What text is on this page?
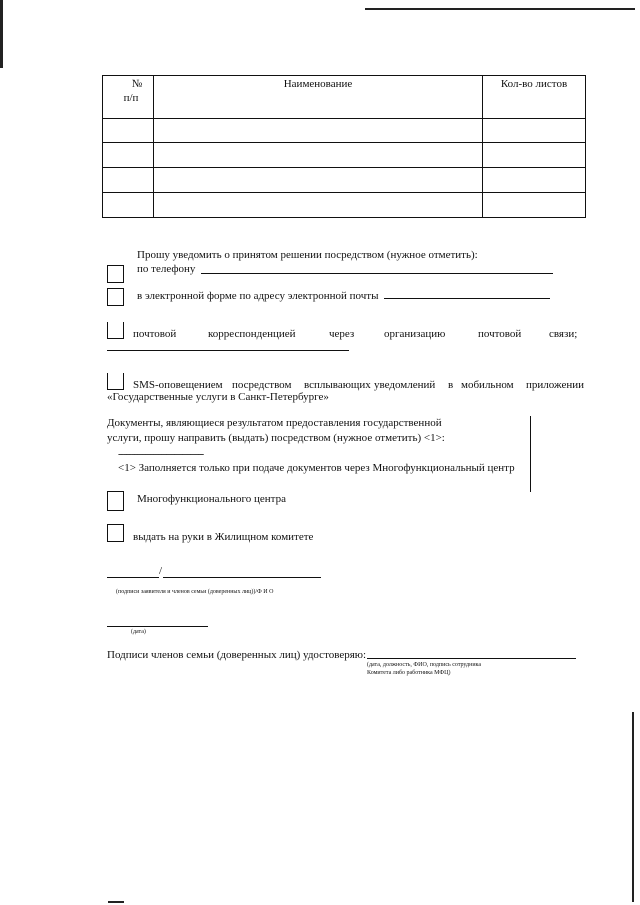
№
п/п	Наименование	Кол-во листов

Прошу уведомить о принятом решении посредством (нужное отметить):
по телефону
в электронной форме по адресу электронной почты
почтовой	корреспонденцией	через	организацию	почтовой	связи;
SMS-оповещением посредством всплывающих уведомлений в мобильном приложении
«Государственные услуги в Санкт-Петербурге»
Документы, являющиеся результатом предоставления государственной
услуги, прошу направить (выдать) посредством (нужное отметить) <1>:
--------------------------------
<1> Заполняется только при подаче документов через Многофункциональный центр
Многофункционального центра
выдать на руки в Жилищном комитете
/
(подписи заявителя и членов семьи (доверенных лиц))/Ф И О
(дата)
Подписи членов семьи (доверенных лиц) удостоверяю:
(дата, должность, ФИО, подпись сотрудника
Комитета либо работника МФЦ)
